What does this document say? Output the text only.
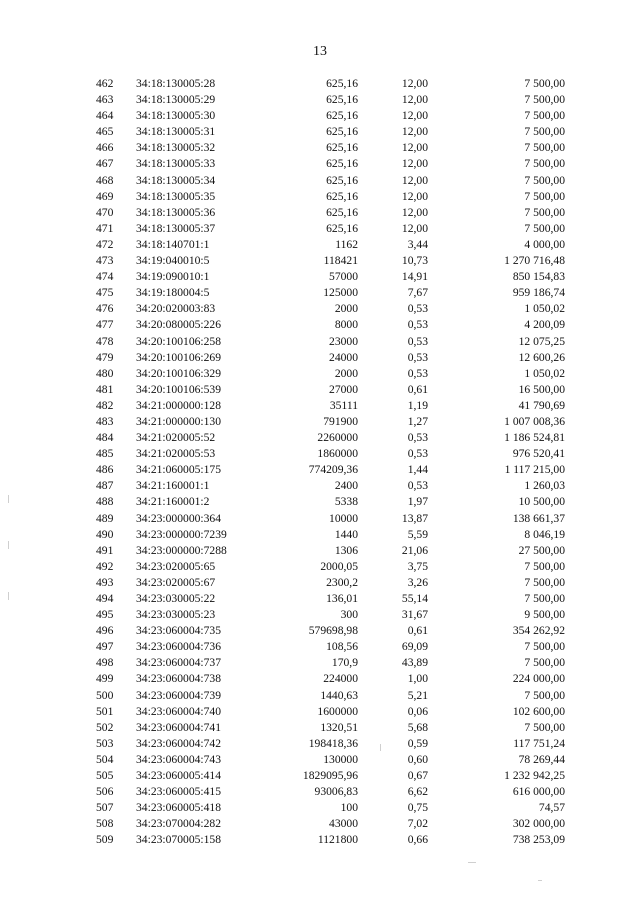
13
462	34:18:130005:28	625,16	12,00	7 500,00
463	34:18:130005:29	625,16	12,00	7 500,00
464	34:18:130005:30	625,16	12,00	7 500,00
465	34:18:130005:31	625,16	12,00	7 500,00
466	34:18:130005:32	625,16	12,00	7 500,00
467	34:18:130005:33	625,16	12,00	7 500,00
468	34:18:130005:34	625,16	12,00	7 500,00
469	34:18:130005:35	625,16	12,00	7 500,00
470	34:18:130005:36	625,16	12,00	7 500,00
471	34:18:130005:37	625,16	12,00	7 500,00
472	34:18:140701:1	1162	3,44	4 000,00
473	34:19:040010:5	118421	10,73	1 270 716,48
474	34:19:090010:1	57000	14,91	850 154,83
475	34:19:180004:5	125000	7,67	959 186,74
476	34:20:020003:83	2000	0,53	1 050,02
477	34:20:080005:226	8000	0,53	4 200,09
478	34:20:100106:258	23000	0,53	12 075,25
479	34:20:100106:269	24000	0,53	12 600,26
480	34:20:100106:329	2000	0,53	1 050,02
481	34:20:100106:539	27000	0,61	16 500,00
482	34:21:000000:128	35111	1,19	41 790,69
483	34:21:000000:130	791900	1,27	1 007 008,36
484	34:21:020005:52	2260000	0,53	1 186 524,81
485	34:21:020005:53	1860000	0,53	976 520,41
486	34:21:060005:175	774209,36	1,44	1 117 215,00
487	34:21:160001:1	2400	0,53	1 260,03
488	34:21:160001:2	5338	1,97	10 500,00
489	34:23:000000:364	10000	13,87	138 661,37
490	34:23:000000:7239	1440	5,59	8 046,19
491	34:23:000000:7288	1306	21,06	27 500,00
492	34:23:020005:65	2000,05	3,75	7 500,00
493	34:23:020005:67	2300,2	3,26	7 500,00
494	34:23:030005:22	136,01	55,14	7 500,00
495	34:23:030005:23	300	31,67	9 500,00
496	34:23:060004:735	579698,98	0,61	354 262,92
497	34:23:060004:736	108,56	69,09	7 500,00
498	34:23:060004:737	170,9	43,89	7 500,00
499	34:23:060004:738	224000	1,00	224 000,00
500	34:23:060004:739	1440,63	5,21	7 500,00
501	34:23:060004:740	1600000	0,06	102 600,00
502	34:23:060004:741	1320,51	5,68	7 500,00
503	34:23:060004:742	198418,36	0,59	117 751,24
504	34:23:060004:743	130000	0,60	78 269,44
505	34:23:060005:414	1829095,96	0,67	1 232 942,25
506	34:23:060005:415	93006,83	6,62	616 000,00
507	34:23:060005:418	100	0,75	74,57
508	34:23:070004:282	43000	7,02	302 000,00
509	34:23:070005:158	1121800	0,66	738 253,09
